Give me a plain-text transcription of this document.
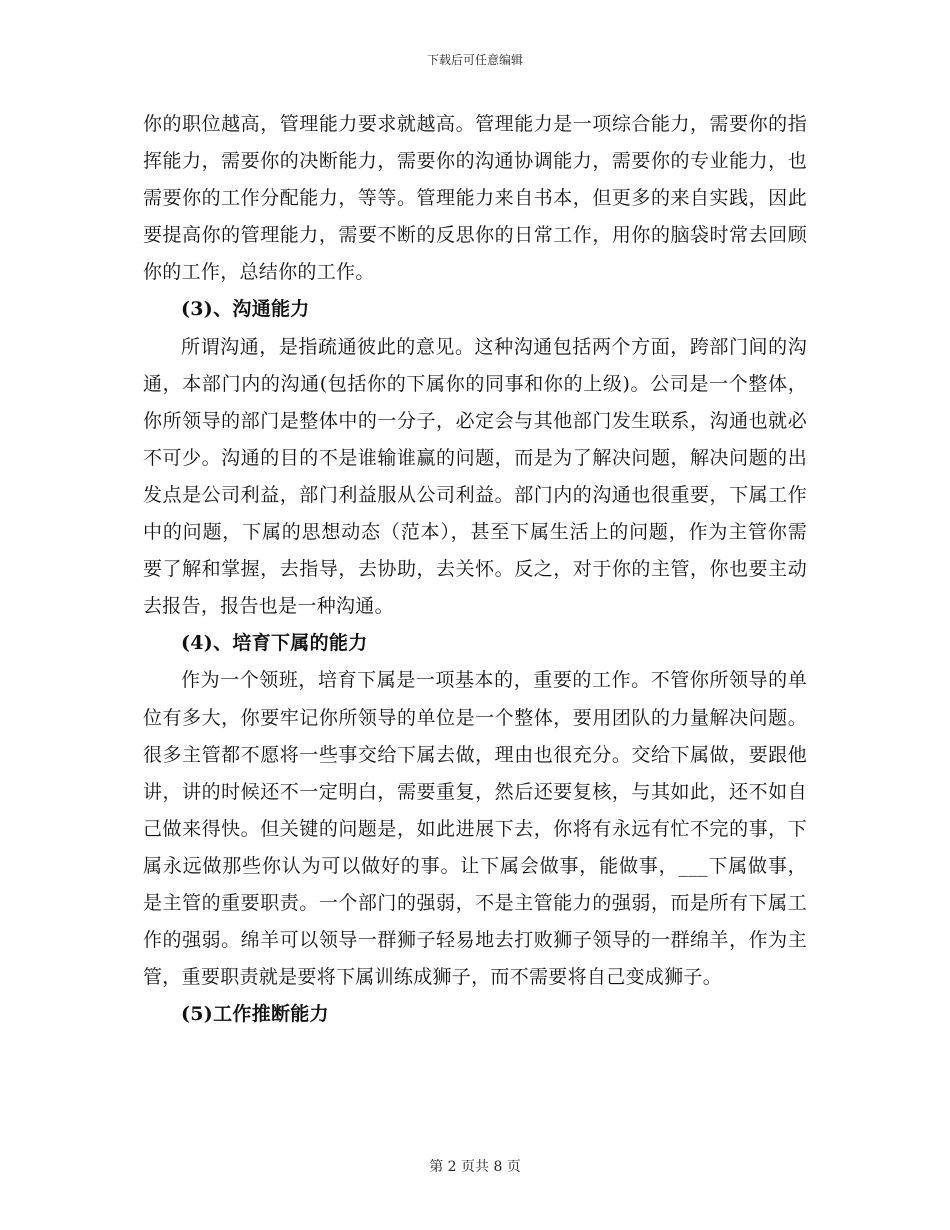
下载后可任意编辑

你的职位越高，管理能力要求就越高。管理能力是一项综合能力，需要你的指挥能力，需要你的决断能力，需要你的沟通协调能力，需要你的专业能力，也需要你的工作分配能力，等等。管理能力来自书本，但更多的来自实践，因此要提高你的管理能力，需要不断的反思你的日常工作，用你的脑袋时常去回顾你的工作，总结你的工作。

(3)、沟通能力

所谓沟通，是指疏通彼此的意见。这种沟通包括两个方面，跨部门间的沟通，本部门内的沟通(包括你的下属你的同事和你的上级)。公司是一个整体，你所领导的部门是整体中的一分子，必定会与其他部门发生联系，沟通也就必不可少。沟通的目的不是谁输谁赢的问题，而是为了解决问题，解决问题的出发点是公司利益，部门利益服从公司利益。部门内的沟通也很重要，下属工作中的问题，下属的思想动态（范本），甚至下属生活上的问题，作为主管你需要了解和掌握，去指导，去协助，去关怀。反之，对于你的主管，你也要主动去报告，报告也是一种沟通。

(4)、培育下属的能力

作为一个领班，培育下属是一项基本的，重要的工作。不管你所领导的单位有多大，你要牢记你所领导的单位是一个整体，要用团队的力量解决问题。很多主管都不愿将一些事交给下属去做，理由也很充分。交给下属做，要跟他讲，讲的时候还不一定明白，需要重复，然后还要复核，与其如此，还不如自己做来得快。但关键的问题是，如此进展下去，你将有永远有忙不完的事，下属永远做那些你认为可以做好的事。让下属会做事，能做事，___下属做事，是主管的重要职责。一个部门的强弱，不是主管能力的强弱，而是所有下属工作的强弱。绵羊可以领导一群狮子轻易地去打败狮子领导的一群绵羊，作为主管，重要职责就是要将下属训练成狮子，而不需要将自己变成狮子。

(5)工作推断能力

第 2 页共 8 页
